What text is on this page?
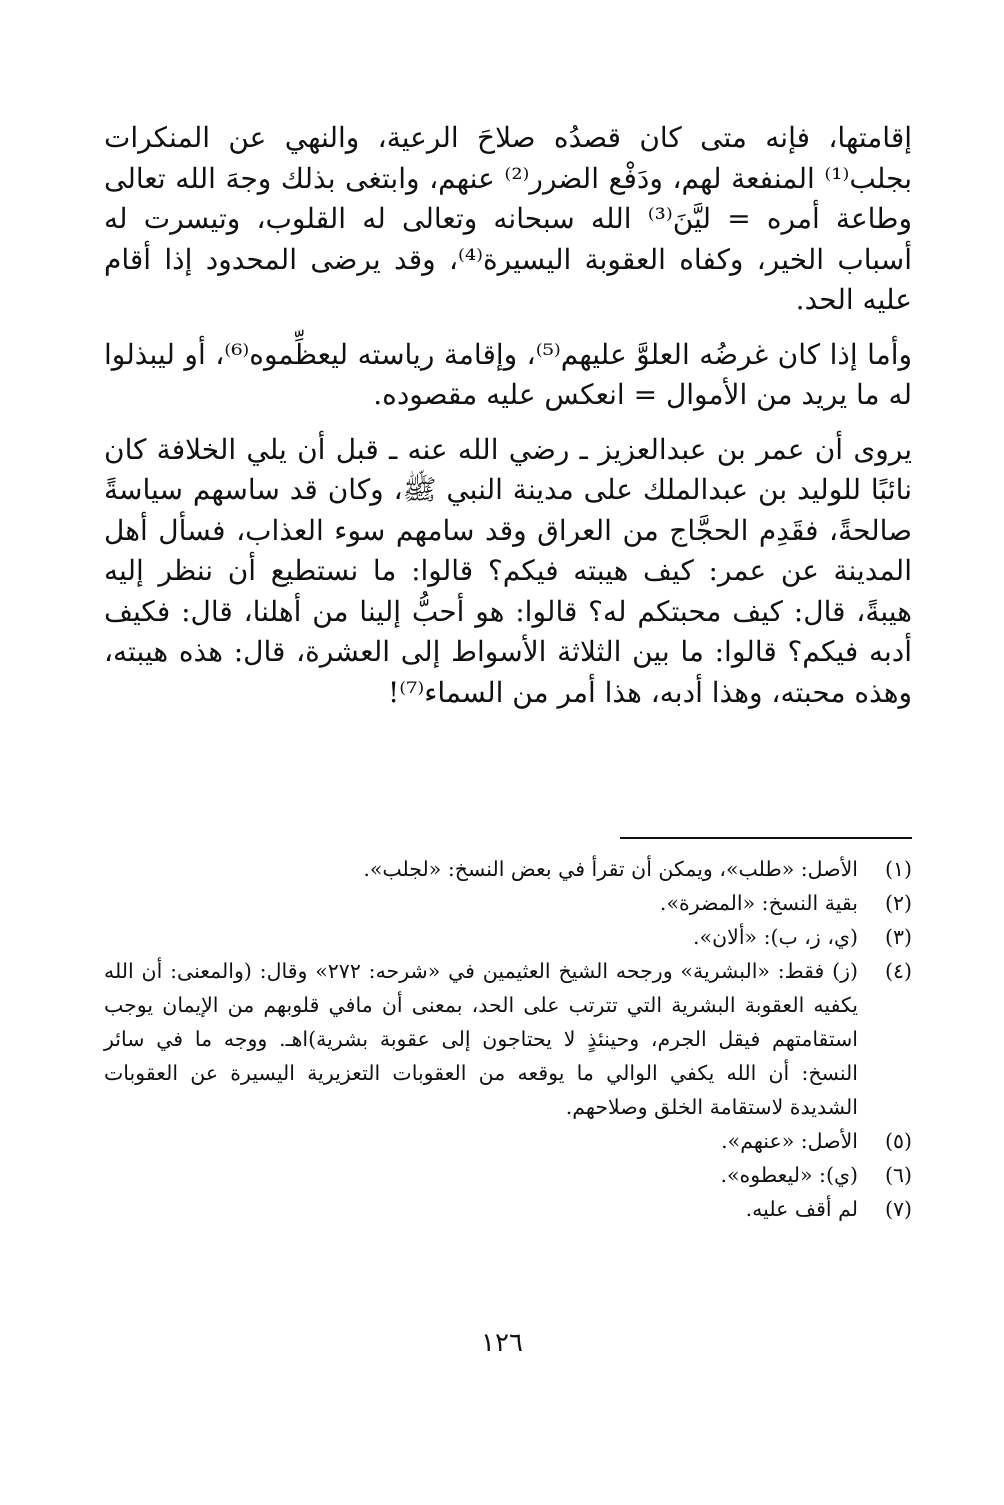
إقامتها، فإنه متى كان قصدُه صلاحَ الرعية، والنهي عن المنكرات بجلب⁽¹⁾ المنفعة لهم، ودَفْع الضرر⁽²⁾ عنهم، وابتغى بذلك وجهَ الله تعالى وطاعة أمره = ليَّنَ⁽³⁾ الله سبحانه وتعالى له القلوب، وتيسرت له أسباب الخير، وكفاه العقوبة اليسيرة⁽⁴⁾، وقد يرضى المحدود إذا أقام عليه الحد.

وأما إذا كان غرضُه العلوَّ عليهم⁽⁵⁾، وإقامة رياسته ليعظِّموه⁽⁶⁾، أو ليبذلوا له ما يريد من الأموال = انعكس عليه مقصوده.

يروى أن عمر بن عبدالعزيز ـ رضي الله عنه ـ قبل أن يلي الخلافة كان نائبًا للوليد بن عبدالملك على مدينة النبي ﷺ، وكان قد ساسهم سياسةً صالحةً، فقَدِم الحجَّاج من العراق وقد سامهم سوء العذاب، فسأل أهل المدينة عن عمر: كيف هيبته فيكم؟ قالوا: ما نستطيع أن ننظر إليه هيبةً، قال: كيف محبتكم له؟ قالوا: هو أحبُّ إلينا من أهلنا، قال: فكيف أدبه فيكم؟ قالوا: ما بين الثلاثة الأسواط إلى العشرة، قال: هذه هيبته، وهذه محبته، وهذا أدبه، هذا أمر من السماء⁽⁷⁾!

(١)
الأصل: «طلب»، ويمكن أن تقرأ في بعض النسخ: «لجلب».
(٢)
بقية النسخ: «المضرة».
(٣)
(ي، ز، ب): «ألان».
(٤)
(ز) فقط: «البشرية» ورجحه الشيخ العثيمين في «شرحه: ٢٧٢» وقال: (والمعنى: أن الله يكفيه العقوبة البشرية التي تترتب على الحد، بمعنى أن مافي قلوبهم من الإيمان يوجب استقامتهم فيقل الجرم، وحينئذٍ لا يحتاجون إلى عقوبة بشرية)اهـ. ووجه ما في سائر النسخ: أن الله يكفي الوالي ما يوقعه من العقوبات التعزيرية اليسيرة عن العقوبات الشديدة لاستقامة الخلق وصلاحهم.
(٥)
الأصل: «عنهم».
(٦)
(ي): «ليعطوه».
(٧)
لم أقف عليه.
١٢٦
